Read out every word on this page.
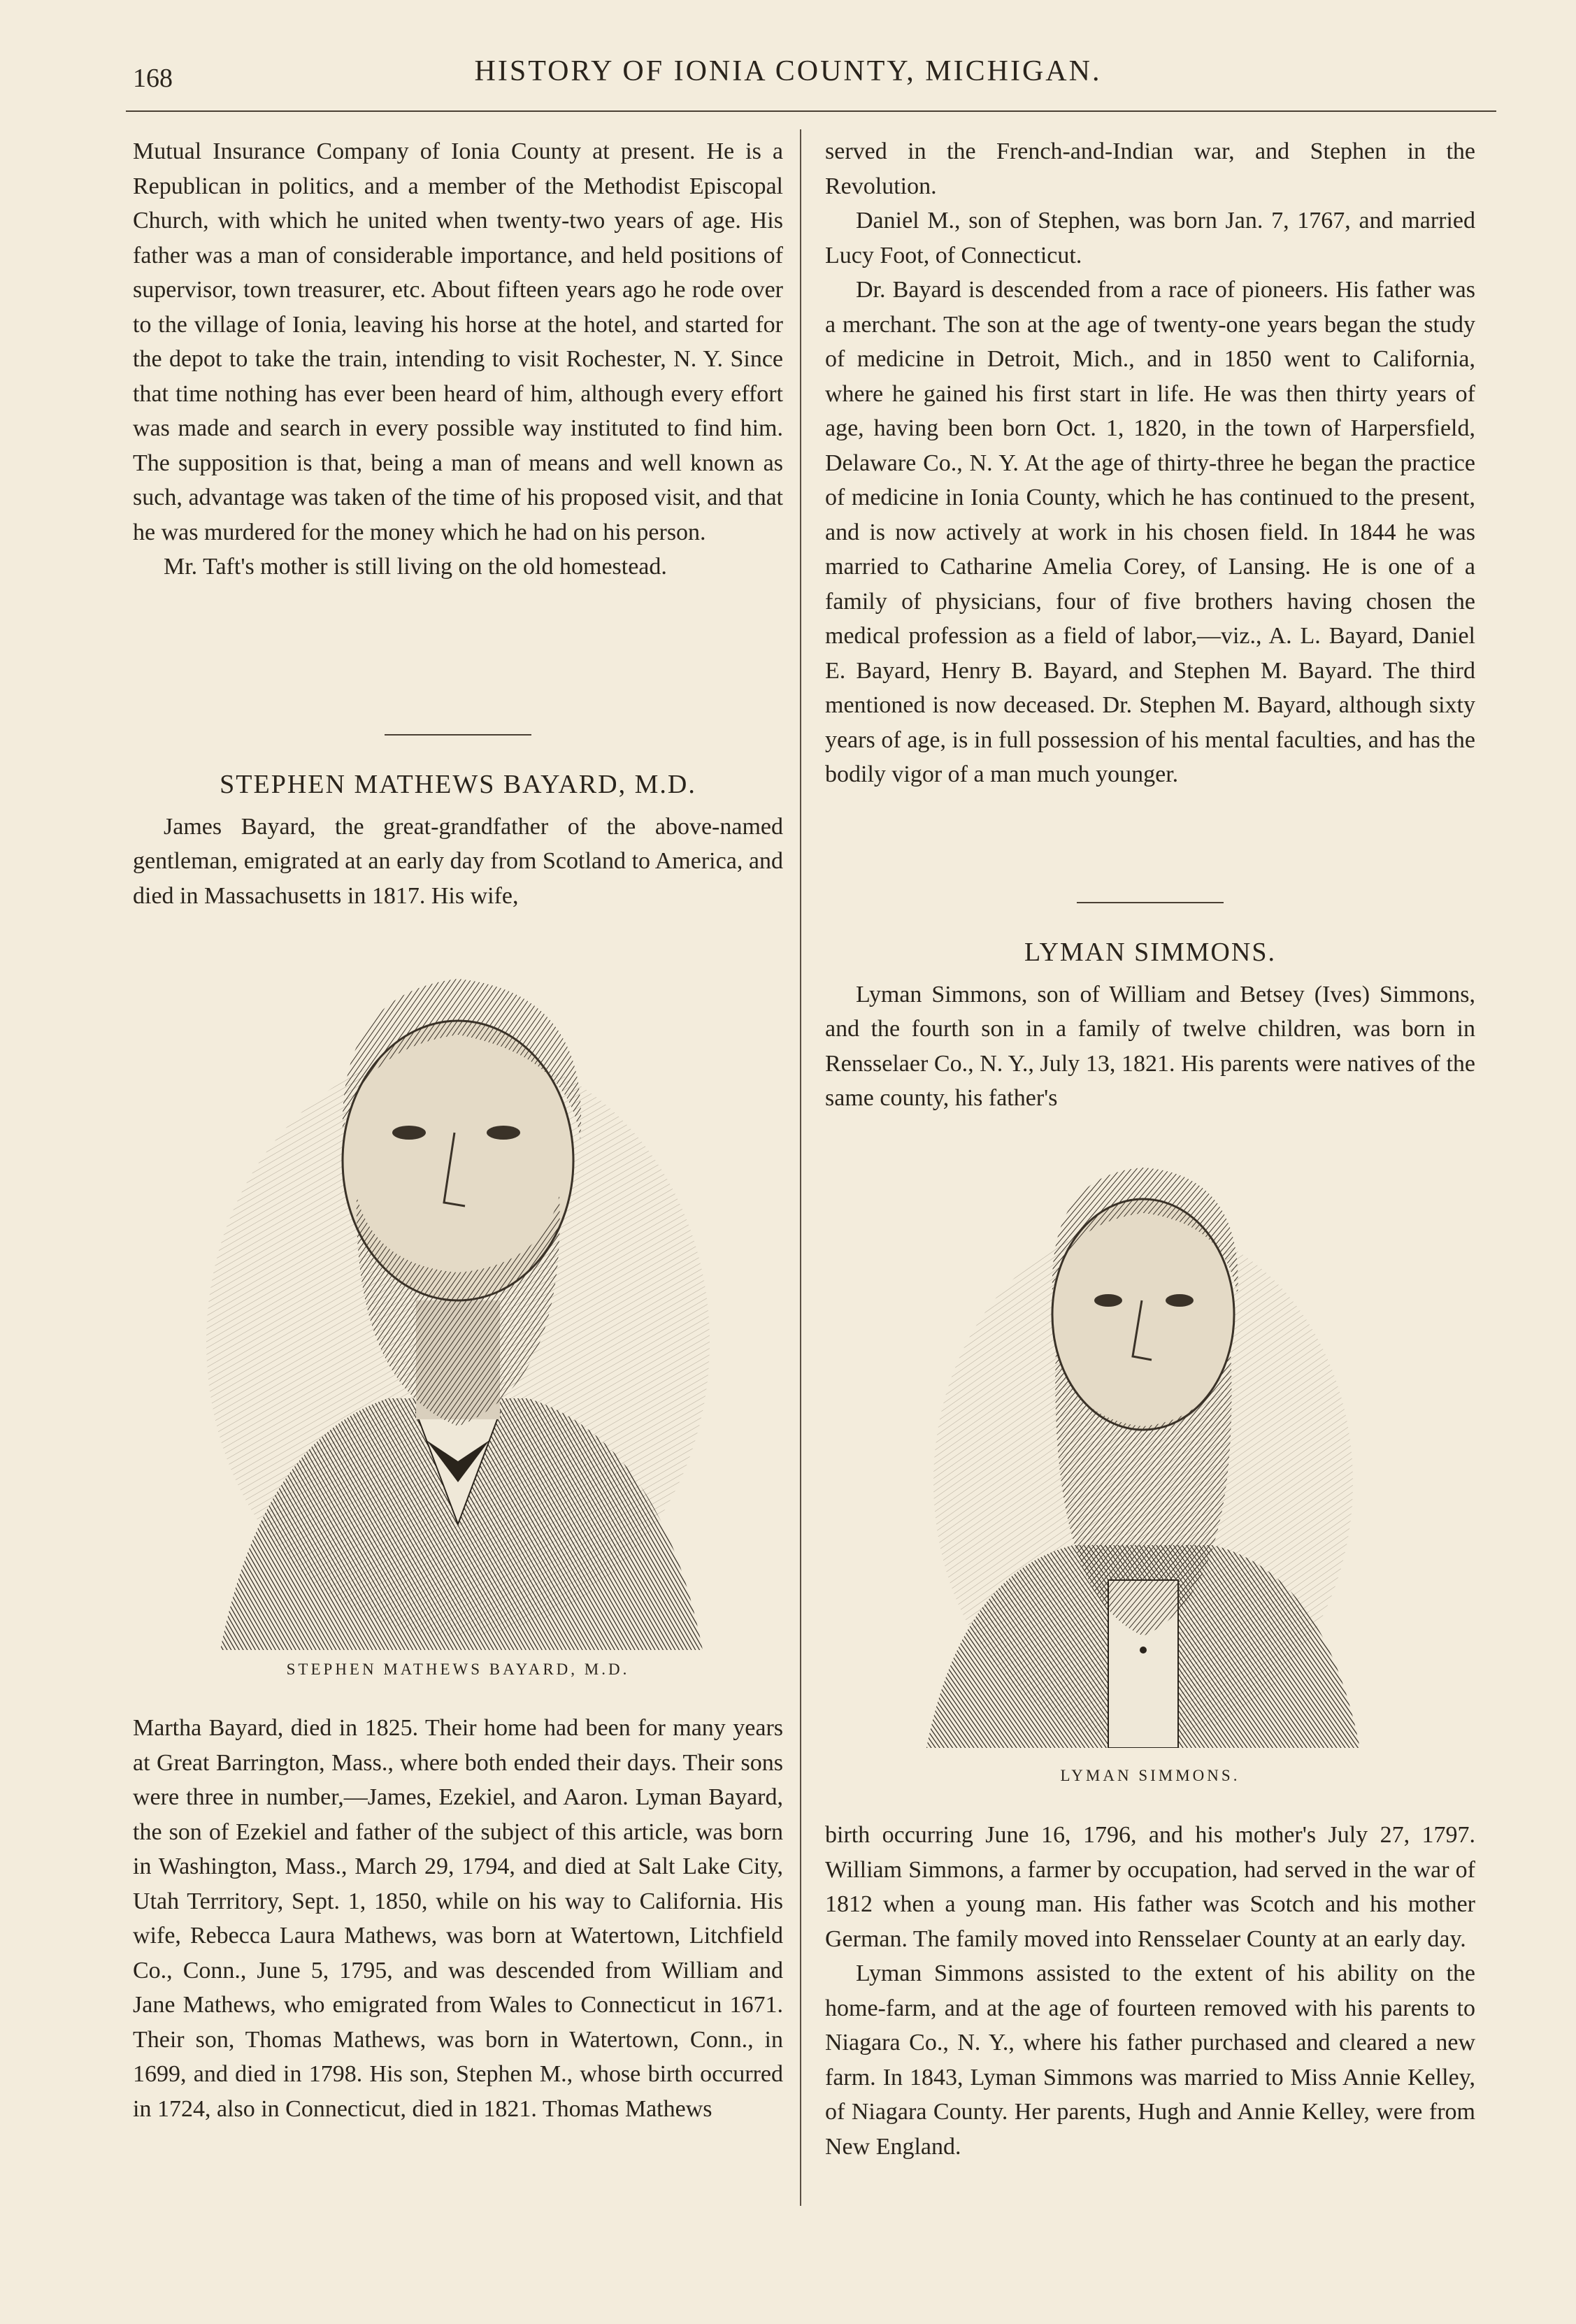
168	HISTORY OF IONIA COUNTY, MICHIGAN.

Mutual Insurance Company of Ionia County at present. He is a Republican in politics, and a member of the Methodist Episcopal Church, with which he united when twenty-two years of age. His father was a man of considerable importance, and held positions of supervisor, town treasurer, etc. About fifteen years ago he rode over to the village of Ionia, leaving his horse at the hotel, and started for the depot to take the train, intending to visit Rochester, N. Y. Since that time nothing has ever been heard of him, although every effort was made and search in every possible way instituted to find him. The supposition is that, being a man of means and well known as such, advantage was taken of the time of his proposed visit, and that he was murdered for the money which he had on his person.

Mr. Taft's mother is still living on the old homestead.

STEPHEN MATHEWS BAYARD, M.D.

James Bayard, the great-grandfather of the above-named gentleman, emigrated at an early day from Scotland to America, and died in Massachusetts in 1817. His wife,

STEPHEN MATHEWS BAYARD, M.D.

Martha Bayard, died in 1825. Their home had been for many years at Great Barrington, Mass., where both ended their days. Their sons were three in number,—James, Ezekiel, and Aaron. Lyman Bayard, the son of Ezekiel and father of the subject of this article, was born in Washington, Mass., March 29, 1794, and died at Salt Lake City, Utah Terrritory, Sept. 1, 1850, while on his way to California. His wife, Rebecca Laura Mathews, was born at Watertown, Litchfield Co., Conn., June 5, 1795, and was descended from William and Jane Mathews, who emigrated from Wales to Connecticut in 1671. Their son, Thomas Mathews, was born in Watertown, Conn., in 1699, and died in 1798. His son, Stephen M., whose birth occurred in 1724, also in Connecticut, died in 1821. Thomas Mathews

served in the French-and-Indian war, and Stephen in the Revolution.

Daniel M., son of Stephen, was born Jan. 7, 1767, and married Lucy Foot, of Connecticut.

Dr. Bayard is descended from a race of pioneers. His father was a merchant. The son at the age of twenty-one years began the study of medicine in Detroit, Mich., and in 1850 went to California, where he gained his first start in life. He was then thirty years of age, having been born Oct. 1, 1820, in the town of Harpersfield, Delaware Co., N. Y. At the age of thirty-three he began the practice of medicine in Ionia County, which he has continued to the present, and is now actively at work in his chosen field. In 1844 he was married to Catharine Amelia Corey, of Lansing. He is one of a family of physicians, four of five brothers having chosen the medical profession as a field of labor,—viz., A. L. Bayard, Daniel E. Bayard, Henry B. Bayard, and Stephen M. Bayard. The third mentioned is now deceased. Dr. Stephen M. Bayard, although sixty years of age, is in full possession of his mental faculties, and has the bodily vigor of a man much younger.

LYMAN SIMMONS.

Lyman Simmons, son of William and Betsey (Ives) Simmons, and the fourth son in a family of twelve children, was born in Rensselaer Co., N. Y., July 13, 1821. His parents were natives of the same county, his father's

LYMAN SIMMONS.

birth occurring June 16, 1796, and his mother's July 27, 1797. William Simmons, a farmer by occupation, had served in the war of 1812 when a young man. His father was Scotch and his mother German. The family moved into Rensselaer County at an early day.

Lyman Simmons assisted to the extent of his ability on the home-farm, and at the age of fourteen removed with his parents to Niagara Co., N. Y., where his father purchased and cleared a new farm. In 1843, Lyman Simmons was married to Miss Annie Kelley, of Niagara County. Her parents, Hugh and Annie Kelley, were from New England.
